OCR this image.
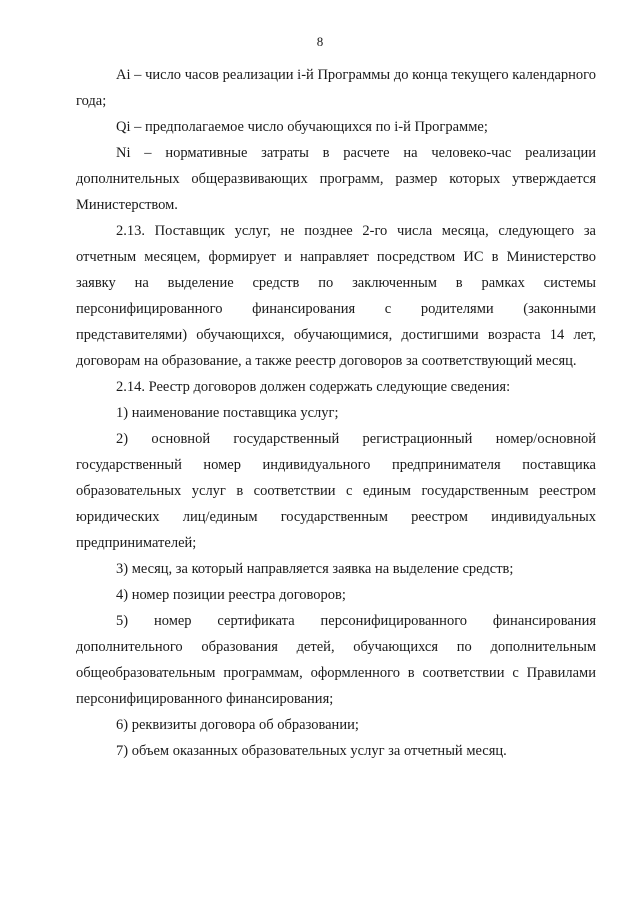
8

Ai – число часов реализации i-й Программы до конца текущего календарного года;

Qi – предполагаемое число обучающихся по i-й Программе;

Ni – нормативные затраты в расчете на человеко-час реализации дополнительных общеразвивающих программ, размер которых утверждается Министерством.

2.13. Поставщик услуг, не позднее 2-го числа месяца, следующего за отчетным месяцем, формирует и направляет посредством ИС в Министерство заявку на выделение средств по заключенным в рамках системы персонифицированного финансирования с родителями (законными представителями) обучающихся, обучающимися, достигшими возраста 14 лет, договорам на образование, а также реестр договоров за соответствующий месяц.

2.14. Реестр договоров должен содержать следующие сведения:

1) наименование поставщика услуг;

2) основной государственный регистрационный номер/основной государственный номер индивидуального предпринимателя поставщика образовательных услуг в соответствии с единым государственным реестром юридических лиц/единым государственным реестром индивидуальных предпринимателей;

3) месяц, за который направляется заявка на выделение средств;

4) номер позиции реестра договоров;

5) номер сертификата персонифицированного финансирования дополнительного образования детей, обучающихся по дополнительным общеобразовательным программам, оформленного в соответствии с Правилами персонифицированного финансирования;

6) реквизиты договора об образовании;

7) объем оказанных образовательных услуг за отчетный месяц.
